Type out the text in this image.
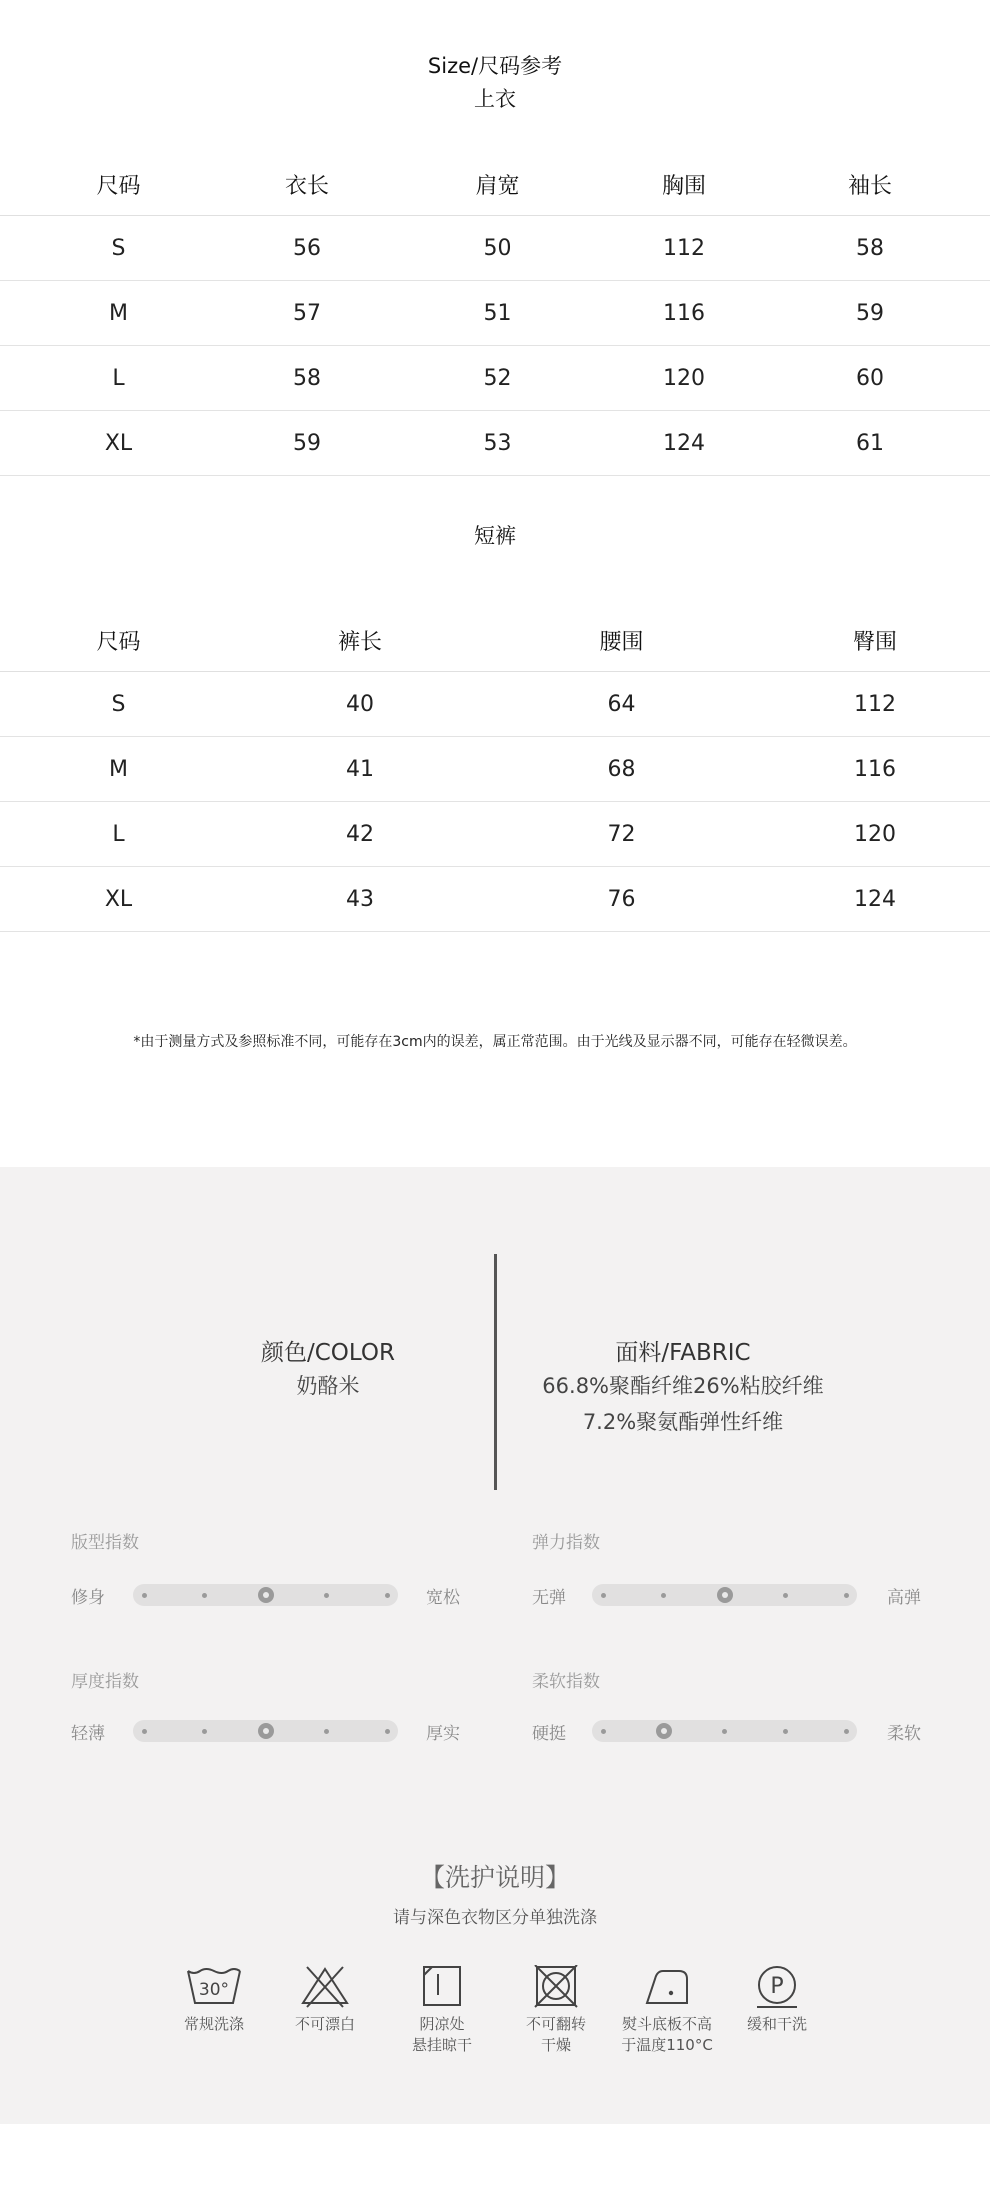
Size/尺码参考
上衣
尺码	衣长	肩宽	胸围	袖长
S	56	50	112	58
M	57	51	116	59
L	58	52	120	60
XL	59	53	124	61
短裤
尺码	裤长	腰围	臀围
S	40	64	112
M	41	68	116
L	42	72	120
XL	43	76	124
*由于测量方式及参照标准不同，可能存在3cm内的误差，属正常范围。由于光线及显示器不同，可能存在轻微误差。
颜色/COLOR
奶酪米
面料/FABRIC
66.8%聚酯纤维26%粘胶纤维
7.2%聚氨酯弹性纤维
版型指数
修身	宽松
弹力指数
无弹	高弹
厚度指数
轻薄	厚实
柔软指数
硬挺	柔软
【洗护说明】
请与深色衣物区分单独洗涤
30°
常规洗涤	不可漂白	阴凉处
悬挂晾干
不可翻转
干燥
熨斗底板不高
于温度110°C
P
缓和干洗
